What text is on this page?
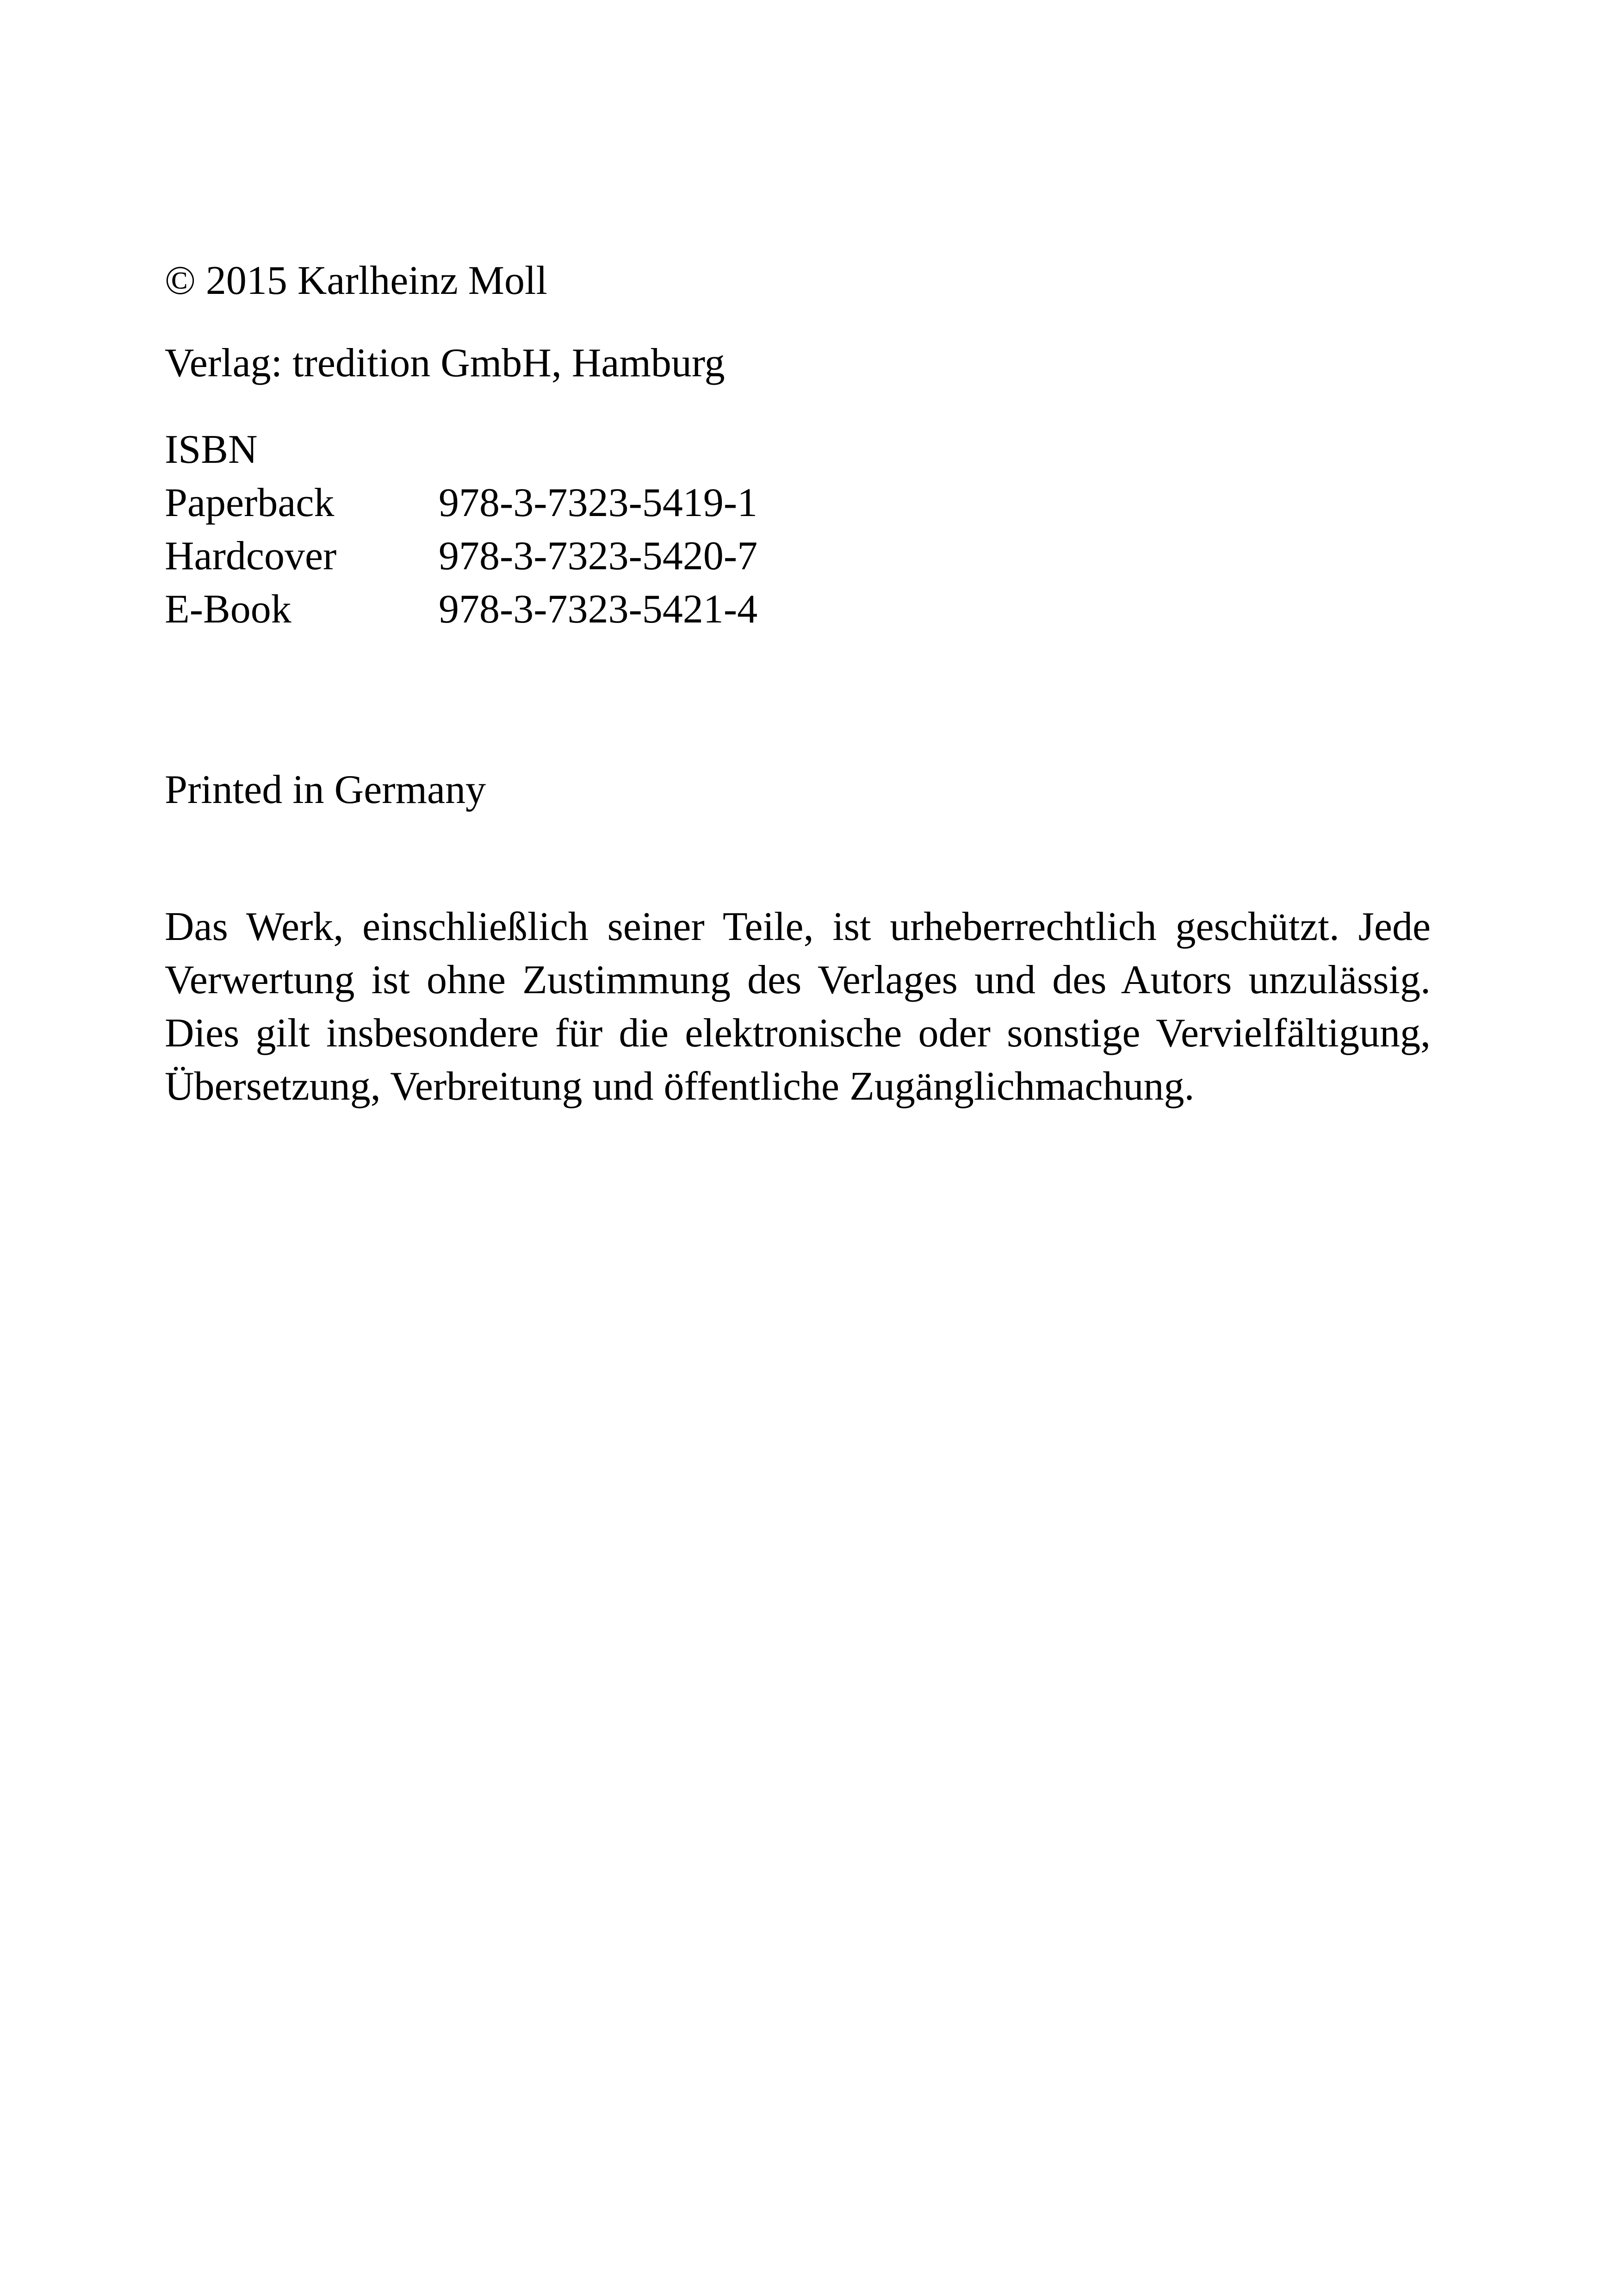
© 2015 Karlheinz Moll
Verlag: tredition GmbH, Hamburg
ISBN
Paperback	978-3-7323-5419-1
Hardcover	978-3-7323-5420-7
E-Book	978-3-7323-5421-4
Printed in Germany

Das Werk, einschließlich seiner Teile, ist urheberrechtlich geschützt. Jede Verwertung ist ohne Zustimmung des Verlages und des Autors unzulässig. Dies gilt insbesondere für die elektronische oder sonstige Vervielfältigung, Übersetzung, Verbreitung und öffentliche Zugänglichmachung.
